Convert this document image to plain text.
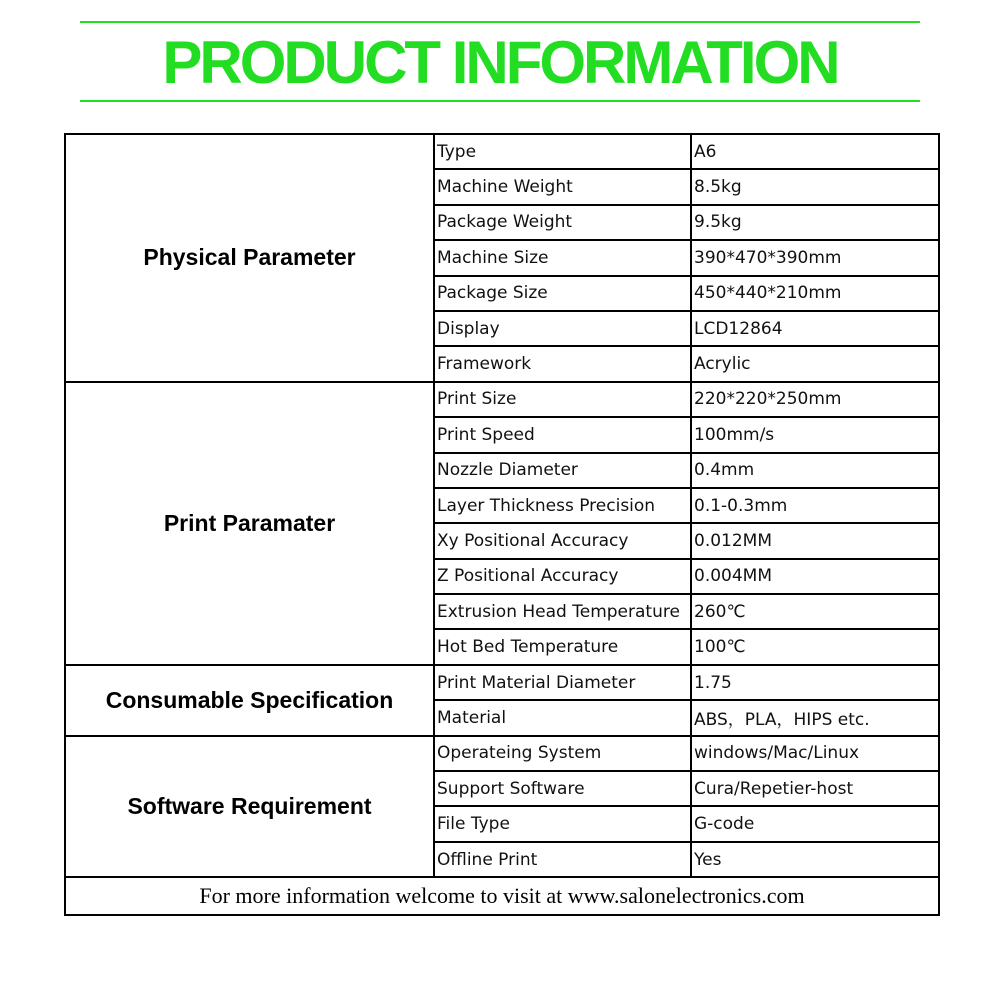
PRODUCT INFORMATION
Physical Parameter	Type	A6
	Machine Weight	8.5kg
	Package Weight	9.5kg
	Machine Size	390*470*390mm
	Package Size	450*440*210mm
	Display	LCD12864
	Framework	Acrylic
Print Paramater	Print Size	220*220*250mm
	Print Speed	100mm/s
	Nozzle Diameter	0.4mm
	Layer Thickness Precision	0.1-0.3mm
	Xy Positional Accuracy	0.012MM
	Z Positional Accuracy	0.004MM
	Extrusion Head Temperature	260℃
	Hot Bed Temperature	100℃
Consumable Specification	Print Material Diameter	1.75
	Material	ABS，PLA，HIPS etc.
Software Requirement	Operateing System	windows/Mac/Linux
	Support Software	Cura/Repetier-host
	File Type	G-code
	Offline Print	Yes
For more information welcome to visit at www.salonelectronics.com		
